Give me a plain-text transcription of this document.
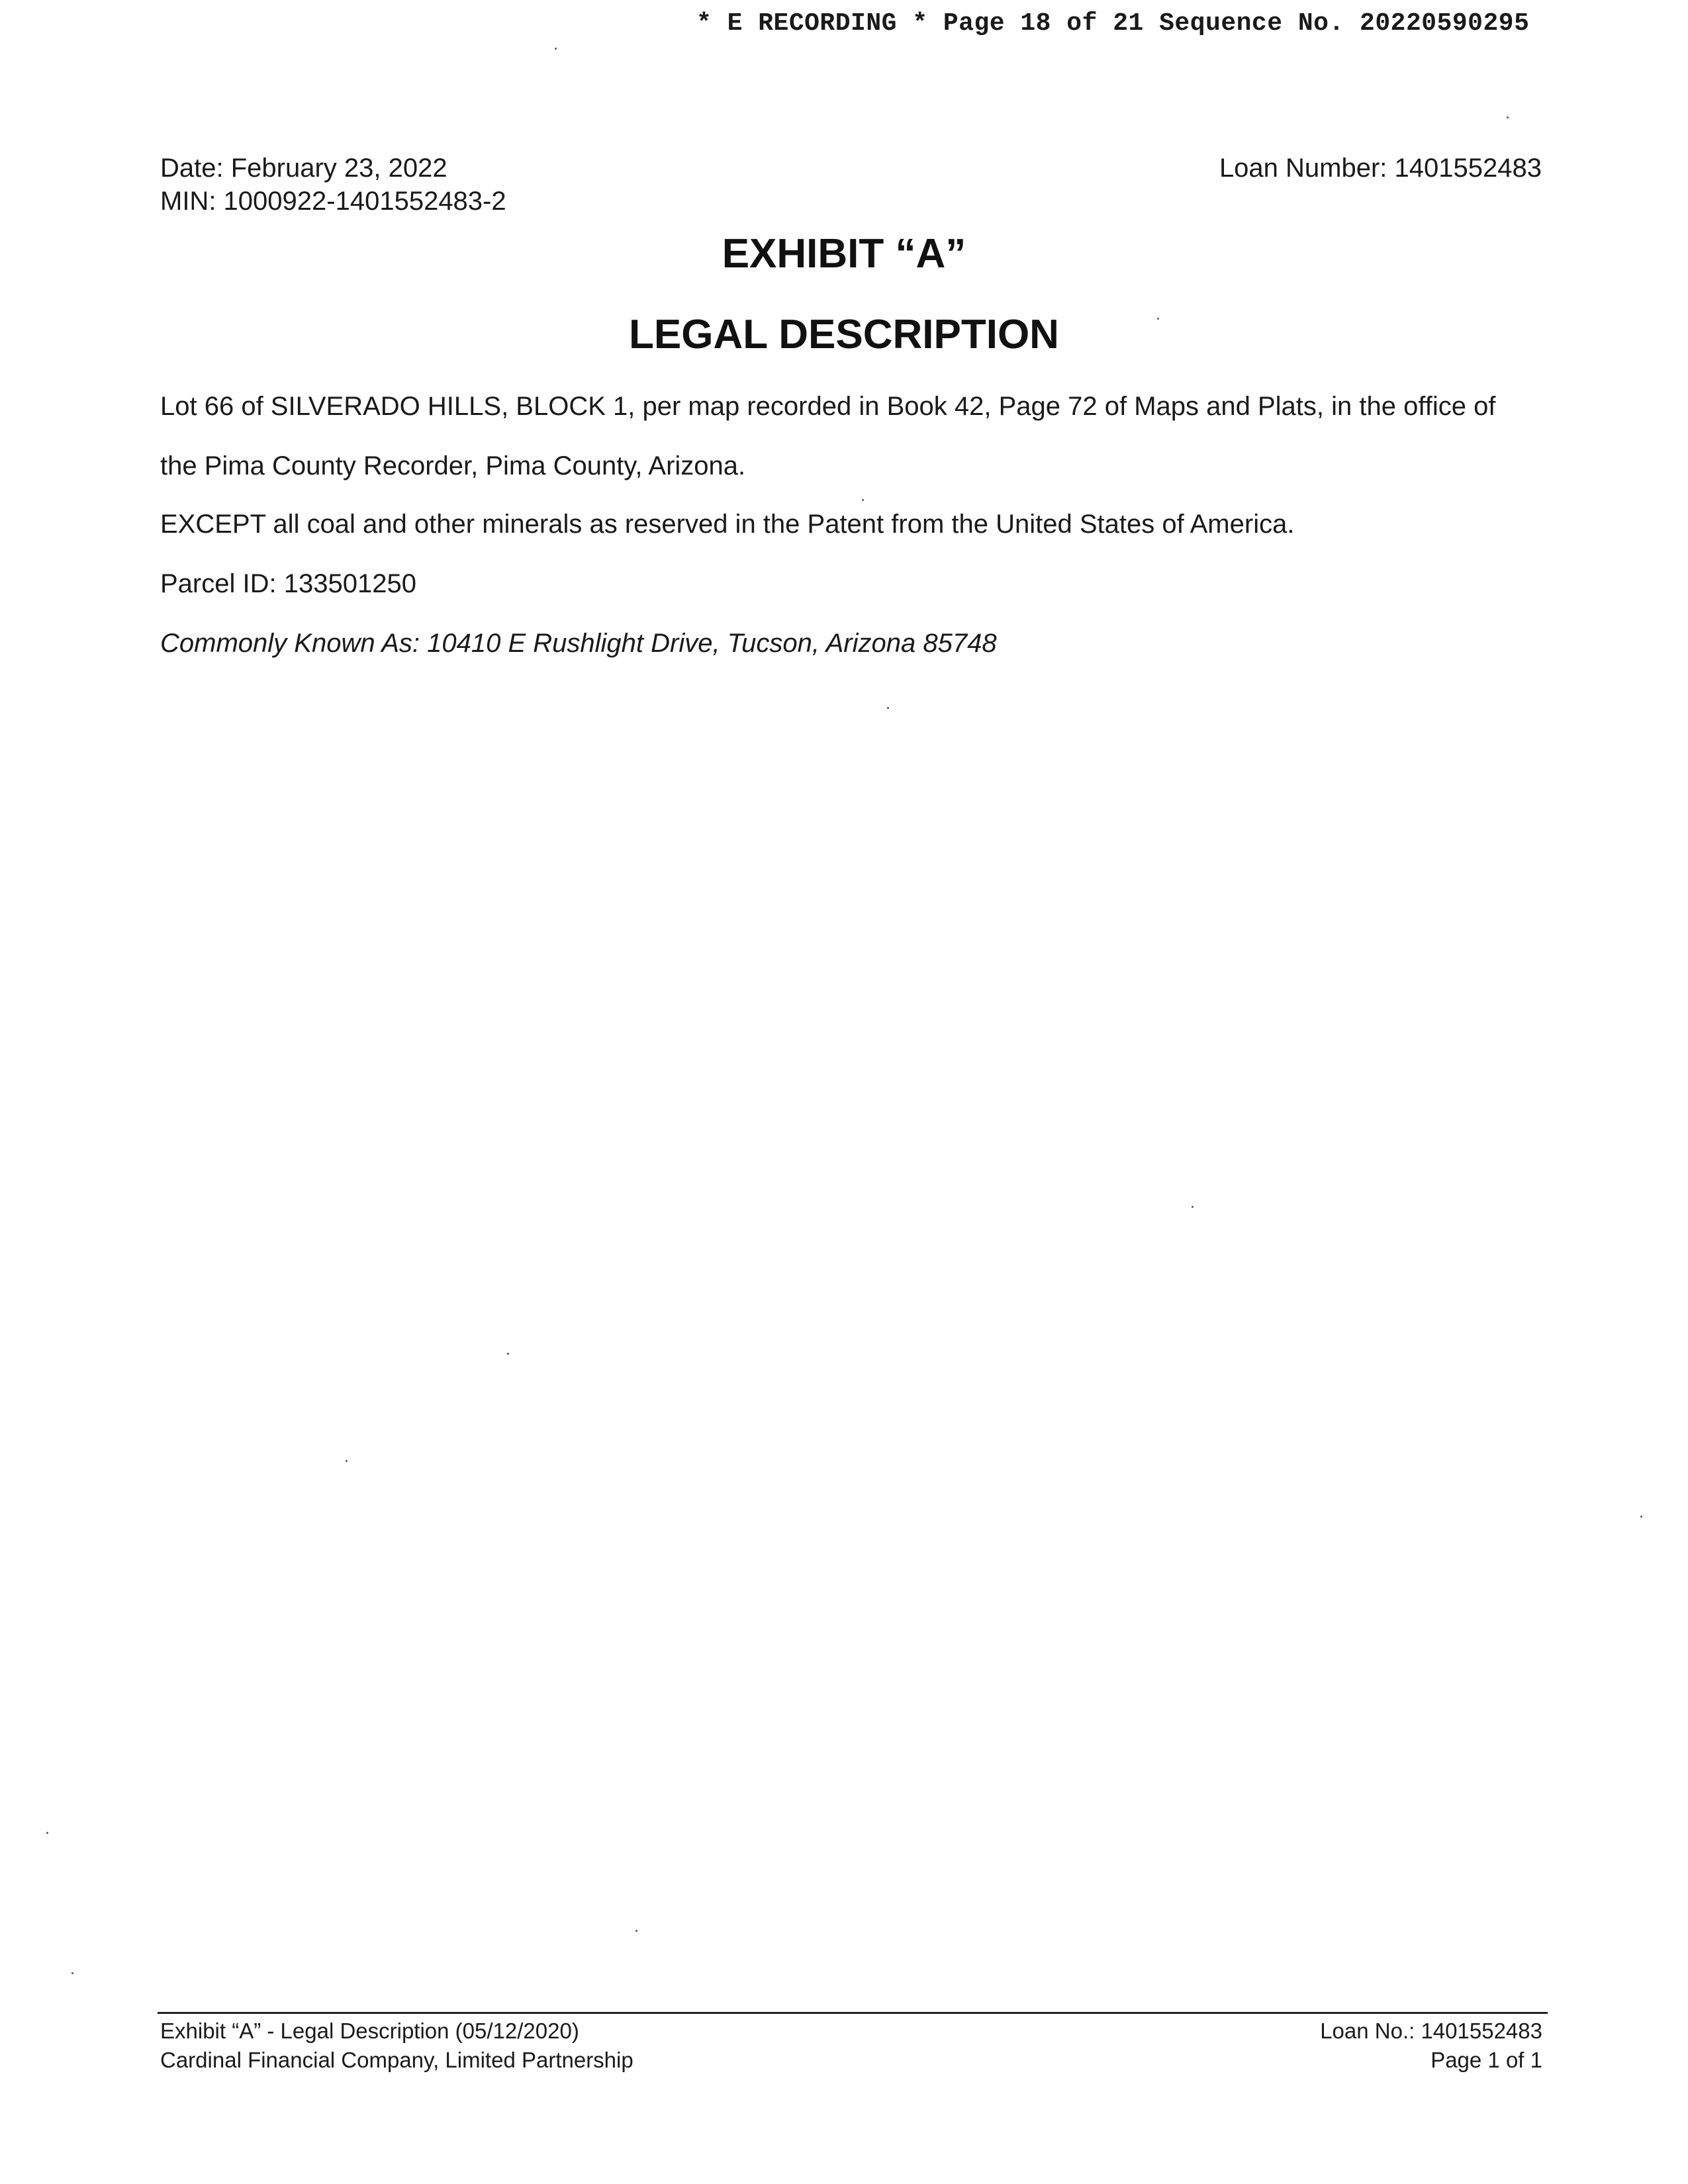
* E RECORDING * Page 18 of 21 Sequence No. 20220590295
Date: February 23, 2022
MIN: 1000922-1401552483-2
Loan Number: 1401552483
EXHIBIT “A”
LEGAL DESCRIPTION
Lot 66 of SILVERADO HILLS, BLOCK 1, per map recorded in Book 42, Page 72 of Maps and Plats, in the office of
the Pima County Recorder, Pima County, Arizona.
EXCEPT all coal and other minerals as reserved in the Patent from the United States of America.
Parcel ID: 133501250
Commonly Known As: 10410 E Rushlight Drive, Tucson, Arizona 85748
Exhibit “A” - Legal Description (05/12/2020)
Cardinal Financial Company, Limited Partnership
Loan No.: 1401552483
Page 1 of 1
